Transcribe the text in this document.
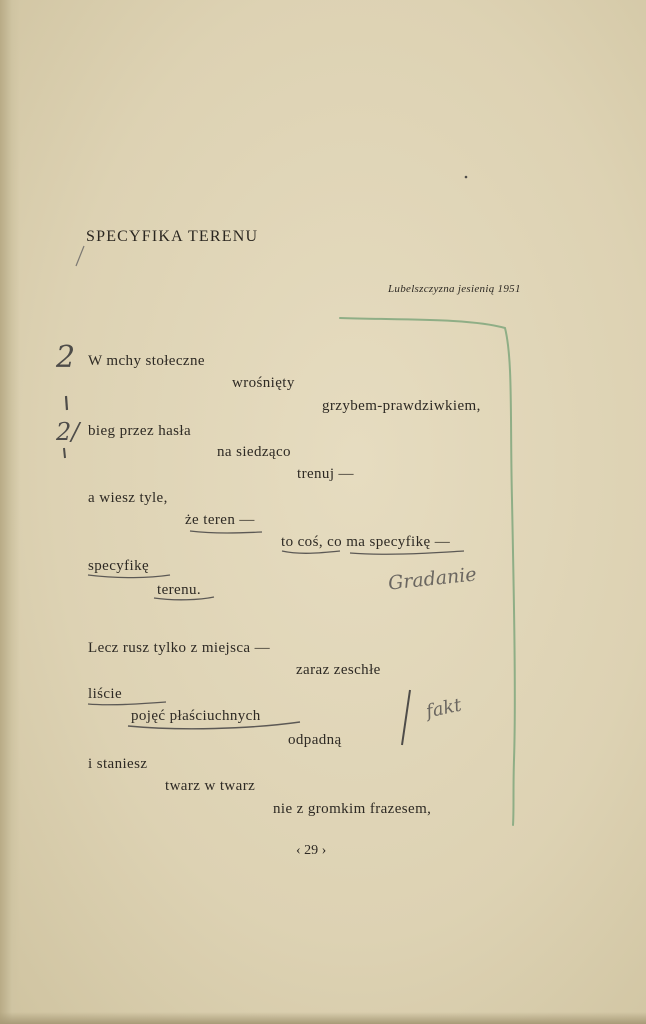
SPECYFIKA TERENU
Lubelszczyzna jesienią 1951
W mchy stołeczne
wrośnięty
grzybem-prawdziwkiem,
bieg przez hasła
na siedząco
trenuj —
a wiesz tyle,
że teren —
to coś, co ma specyfikę —
specyfikę
terenu.
Lecz rusz tylko z miejsca —
zaraz zeschłe
liście
pojęć płaściuchnych
odpadną
i staniesz
twarz w twarz
nie z gromkim frazesem,
‹ 29 ›
2
2/
Gradanie
fakt
